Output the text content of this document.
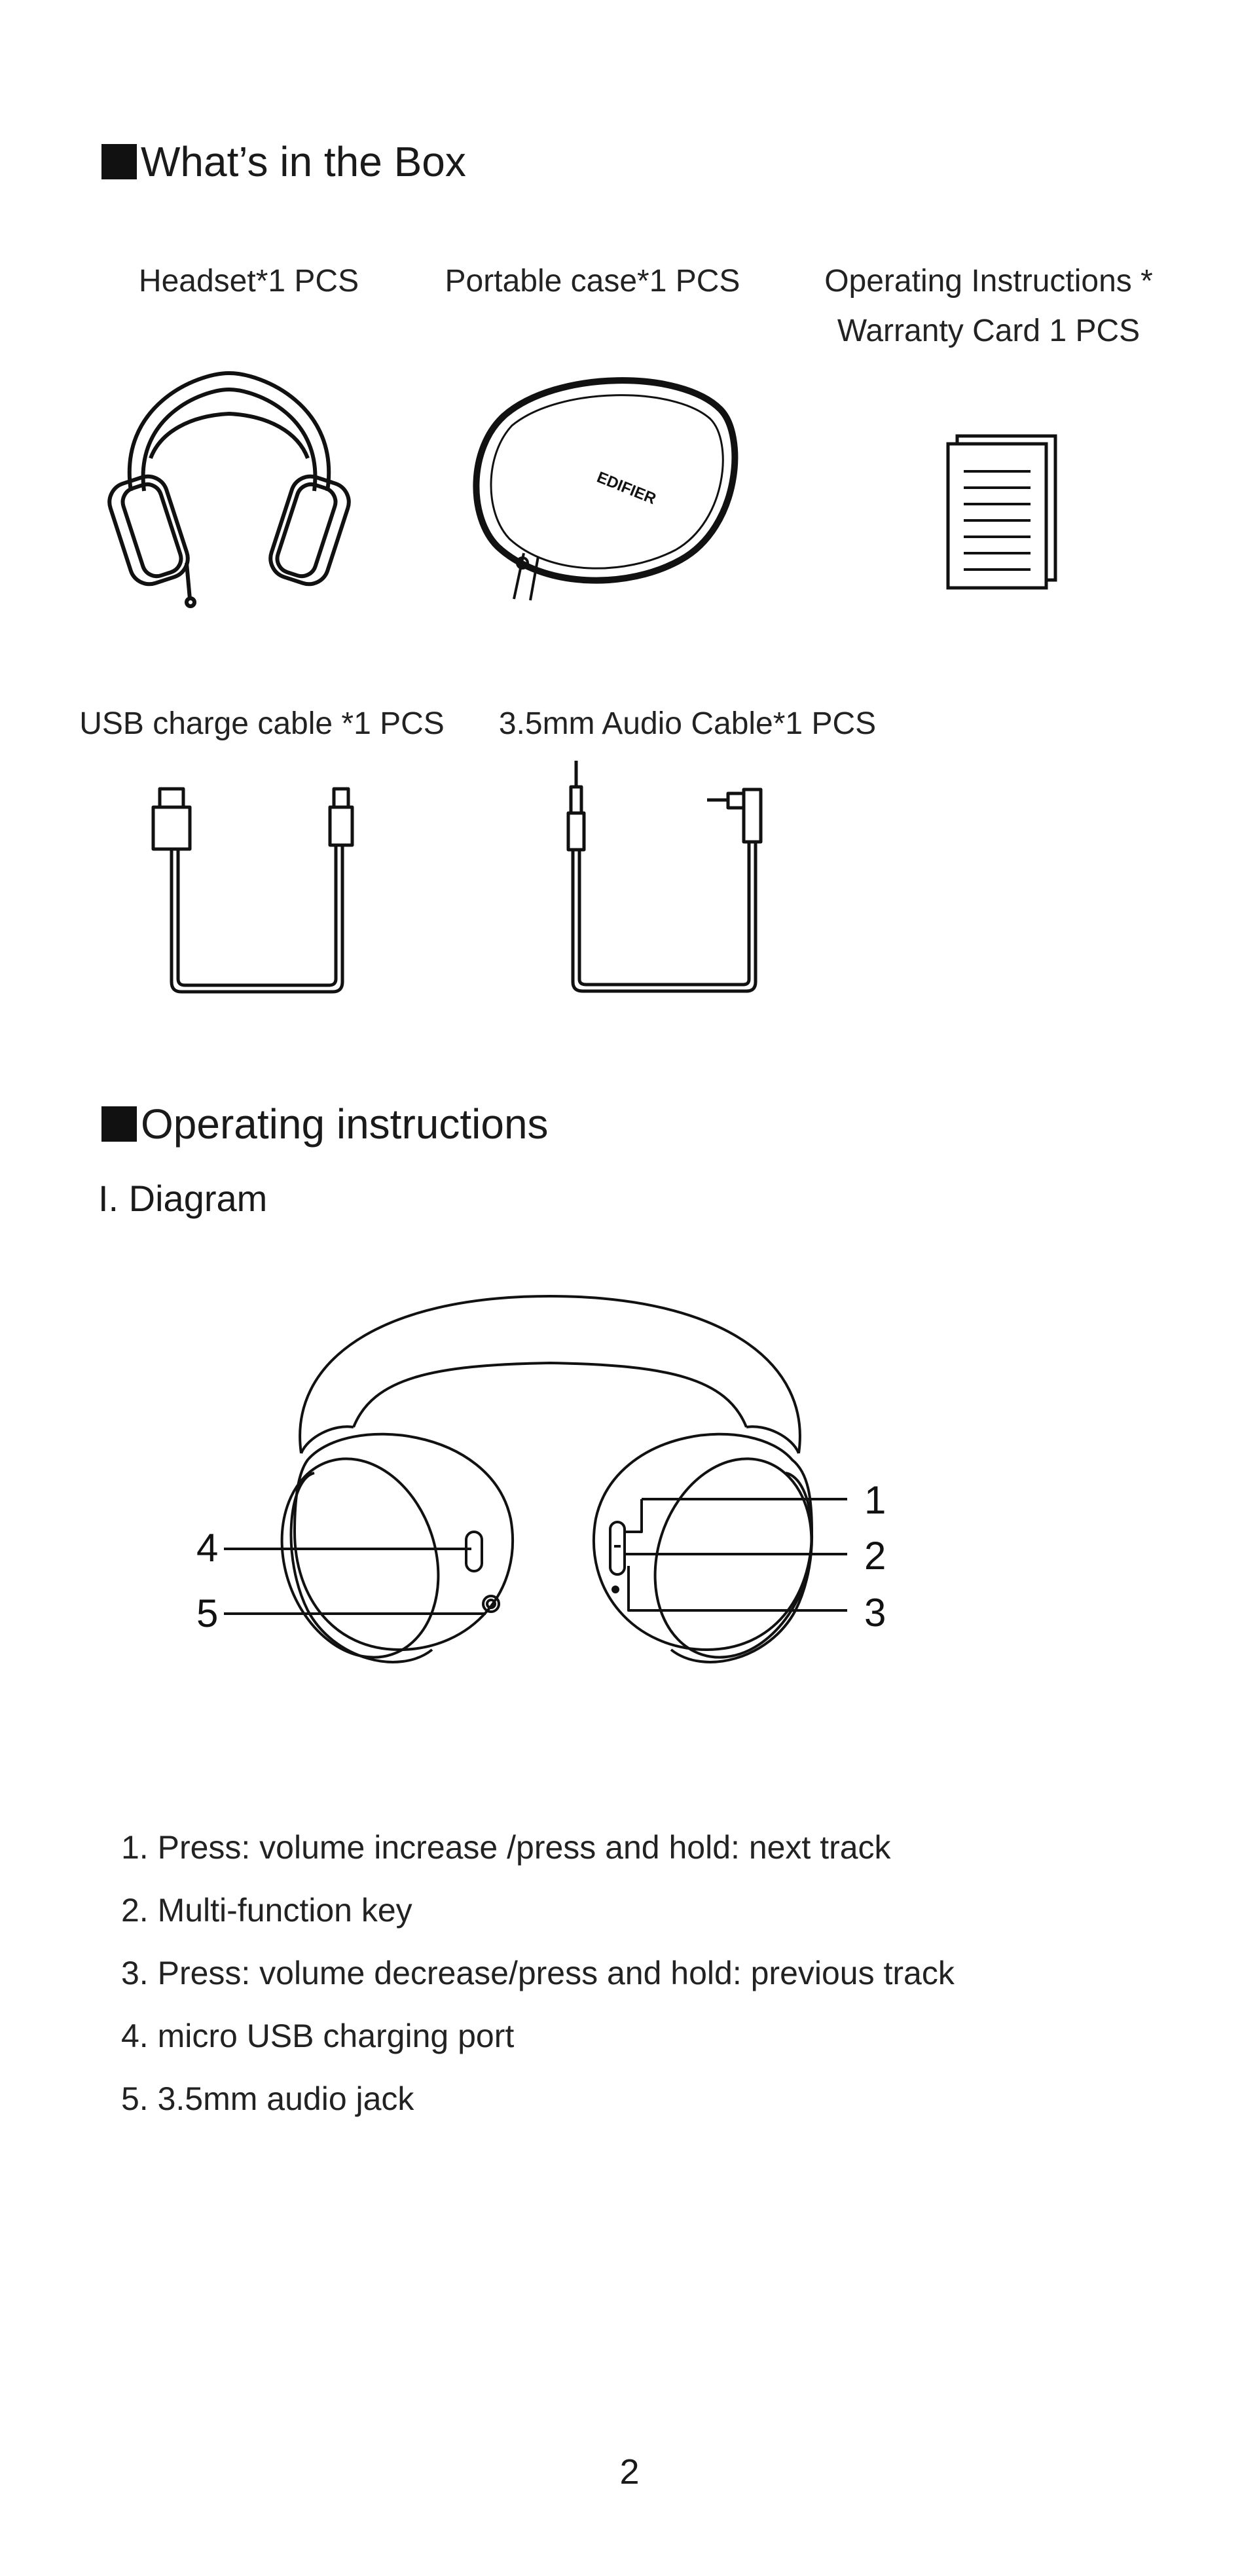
What’s in the Box
Headset*1 PCS	Portable case*1 PCS	Operating Instructions *
Warranty Card 1 PCS
EDIFIER
USB charge cable *1 PCS	3.5mm Audio Cable*1 PCS
Operating instructions
I. Diagram
4
5
1
2
3
1. Press: volume increase /press and hold: next track
2. Multi-function key
3. Press: volume decrease/press and hold: previous track
4. micro USB charging port
5. 3.5mm audio jack
2
